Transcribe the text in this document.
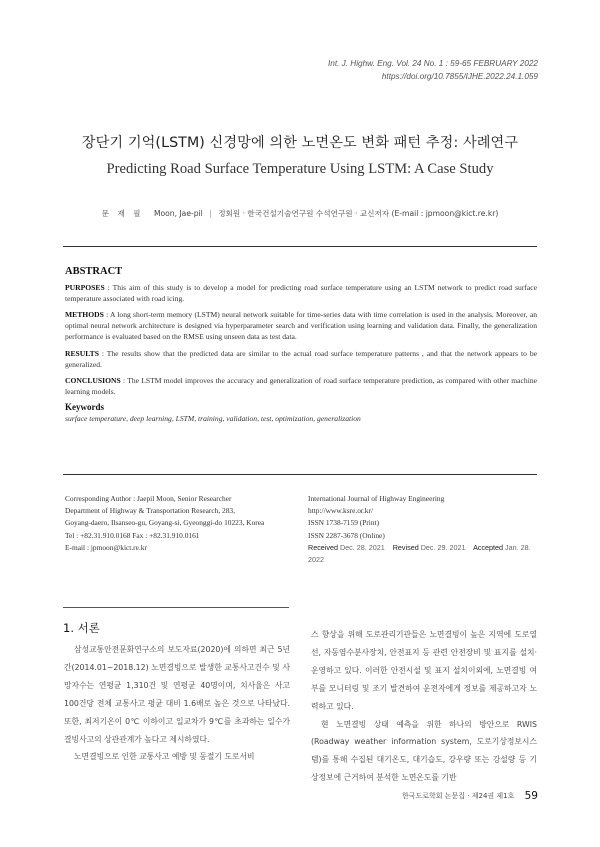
Int. J. Highw. Eng. Vol. 24 No. 1 : 59-65 FEBRUARY 2022
https://doi.org/10.7855/IJHE.2022.24.1.059
장단기 기억(LSTM) 신경망에 의한 노면온도 변화 패턴 추정: 사례연구
Predicting Road Surface Temperature Using LSTM: A Case Study
문 재 필 Moon, Jae-pil | 정회원 · 한국건설기술연구원 수석연구원 · 교신저자 (E-mail : jpmoon@kict.re.kr)
ABSTRACT

PURPOSES : This aim of this study is to develop a model for predicting road surface temperature using an LSTM network to predict road surface temperature associated with road icing.

METHODS : A long short-term memory (LSTM) neural network suitable for time-series data with time correlation is used in the analysis. Moreover, an optimal neural network architecture is designed via hyperparameter search and verification using learning and validation data. Finally, the generalization performance is evaluated based on the RMSE using unseen data as test data.

RESULTS : The results show that the predicted data are similar to the actual road surface temperature patterns , and that the network appears to be generalized.

CONCLUSIONS : The LSTM model improves the accuracy and generalization of road surface temperature prediction, as compared with other machine learning models.

Keywords
surface temperature, deep learning, LSTM, training, validation, test, optimization, generalization
Corresponding Author : Jaepil Moon, Senior Researcher
Department of Highway & Transportation Research, 283,
Goyang-daero, Ilsanseo-gu, Goyang-si, Gyeonggi-do 10223, Korea
Tel : +82.31.910.0168 Fax : +82.31.910.0161
E-mail : jpmoon@kict.re.kr
International Journal of Highway Engineering
http://www.ksre.or.kr/
ISSN 1738-7159 (Print)
ISSN 2287-3678 (Online)
Received Dec. 28. 2021 Revised Dec. 29. 2021 Accepted Jan. 28. 2022
1. 서론

삼성교통안전문화연구소의 보도자료(2020)에 의하면 최근 5년간(2014.01~2018.12) 노면결빙으로 발생한 교통사고건수 및 사망자수는 연평균 1,310건 및 연평균 40명이며, 치사율은 사고 100건당 전체 교통사고 평균 대비 1.6배로 높은 것으로 나타났다. 또한, 최저기온이 0℃ 이하이고 일교차가 9℃를 초과하는 일수가 결빙사고의 상관관계가 높다고 제시하였다.

노면결빙으로 인한 교통사고 예방 및 동절기 도로서비

스 향상을 위해 도로관리기관들은 노면결빙이 높은 지역에 도로열선, 자동염수분사장치, 안전표지 등 관련 안전장비 및 표지를 설치·운영하고 있다. 이러한 안전시설 및 표지 설치이외에, 노면결빙 여부를 모니터링 및 조기 발견하여 운전자에게 정보를 제공하고자 노력하고 있다.

현 노면결빙 상태 예측을 위한 하나의 방안으로 RWIS (Roadway weather information system, 도로기상정보시스템)를 통해 수집된 대기온도, 대기습도, 강우량 또는 강설량 등 기상정보에 근거하여 분석한 노면온도를 기반

한국도로학회 논문집 · 제24권 제1호 59
